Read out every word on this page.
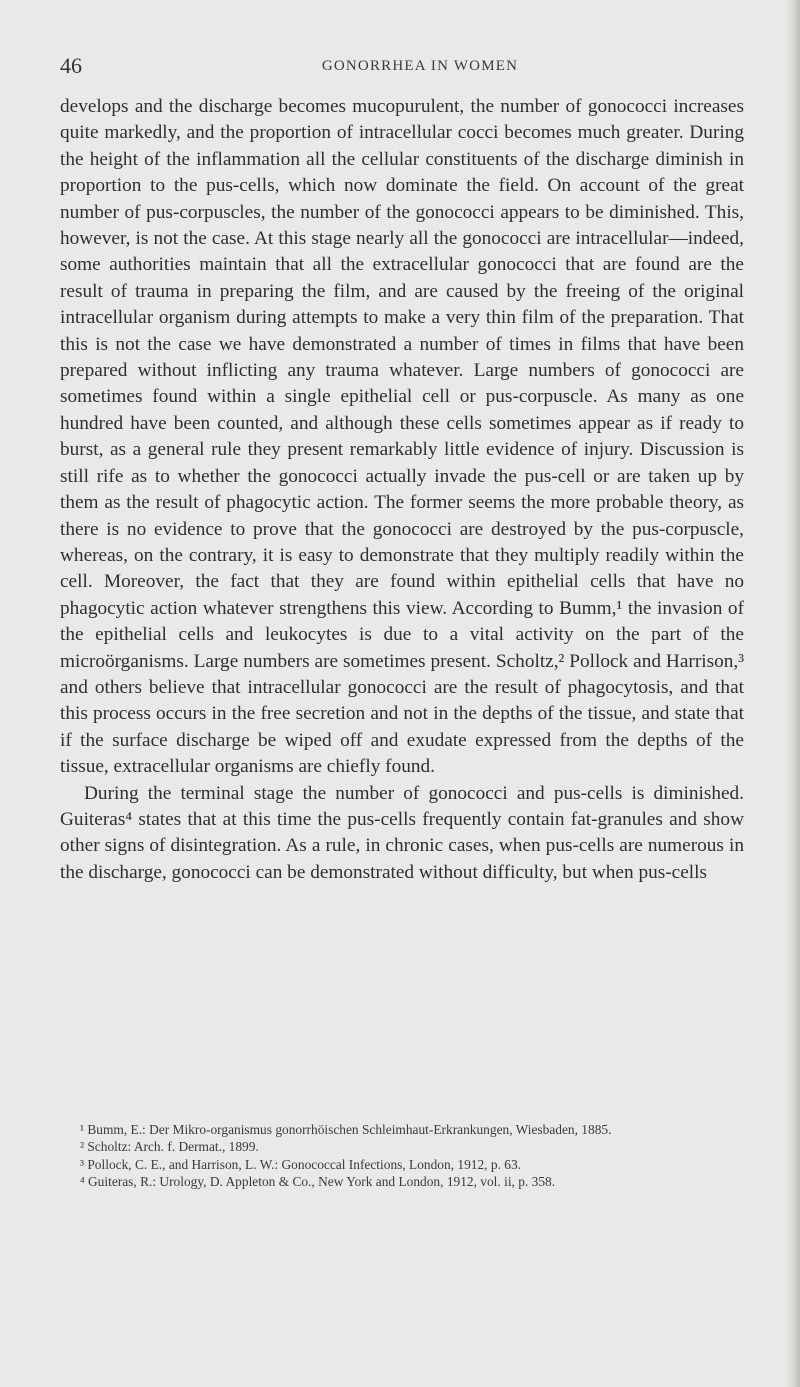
46	GONORRHEA IN WOMEN

develops and the discharge becomes mucopurulent, the number of gonococci increases quite markedly, and the proportion of intracellular cocci becomes much greater. During the height of the inflammation all the cellular constituents of the discharge diminish in proportion to the pus-cells, which now dominate the field. On account of the great number of pus-corpuscles, the number of the gonococci appears to be diminished. This, however, is not the case. At this stage nearly all the gonococci are intracellular—indeed, some authorities maintain that all the extracellular gonococci that are found are the result of trauma in preparing the film, and are caused by the freeing of the original intracellular organism during attempts to make a very thin film of the preparation. That this is not the case we have demonstrated a number of times in films that have been prepared without inflicting any trauma whatever. Large numbers of gonococci are sometimes found within a single epithelial cell or pus-corpuscle. As many as one hundred have been counted, and although these cells sometimes appear as if ready to burst, as a general rule they present remarkably little evidence of injury. Discussion is still rife as to whether the gonococci actually invade the pus-cell or are taken up by them as the result of phagocytic action. The former seems the more probable theory, as there is no evidence to prove that the gonococci are destroyed by the pus-corpuscle, whereas, on the contrary, it is easy to demonstrate that they multiply readily within the cell. Moreover, the fact that they are found within epithelial cells that have no phagocytic action whatever strengthens this view. According to Bumm,¹ the invasion of the epithelial cells and leukocytes is due to a vital activity on the part of the microörganisms. Large numbers are sometimes present. Scholtz,² Pollock and Harrison,³ and others believe that intracellular gonococci are the result of phagocytosis, and that this process occurs in the free secretion and not in the depths of the tissue, and state that if the surface discharge be wiped off and exudate expressed from the depths of the tissue, extracellular organisms are chiefly found.

During the terminal stage the number of gonococci and pus-cells is diminished. Guiteras⁴ states that at this time the pus-cells frequently contain fat-granules and show other signs of disintegration. As a rule, in chronic cases, when pus-cells are numerous in the discharge, gonococci can be demonstrated without difficulty, but when pus-cells

¹ Bumm, E.: Der Mikro-organismus gonorrhöischen Schleimhaut-Erkrankungen, Wiesbaden, 1885.

² Scholtz: Arch. f. Dermat., 1899.

³ Pollock, C. E., and Harrison, L. W.: Gonococcal Infections, London, 1912, p. 63.

⁴ Guiteras, R.: Urology, D. Appleton & Co., New York and London, 1912, vol. ii, p. 358.
